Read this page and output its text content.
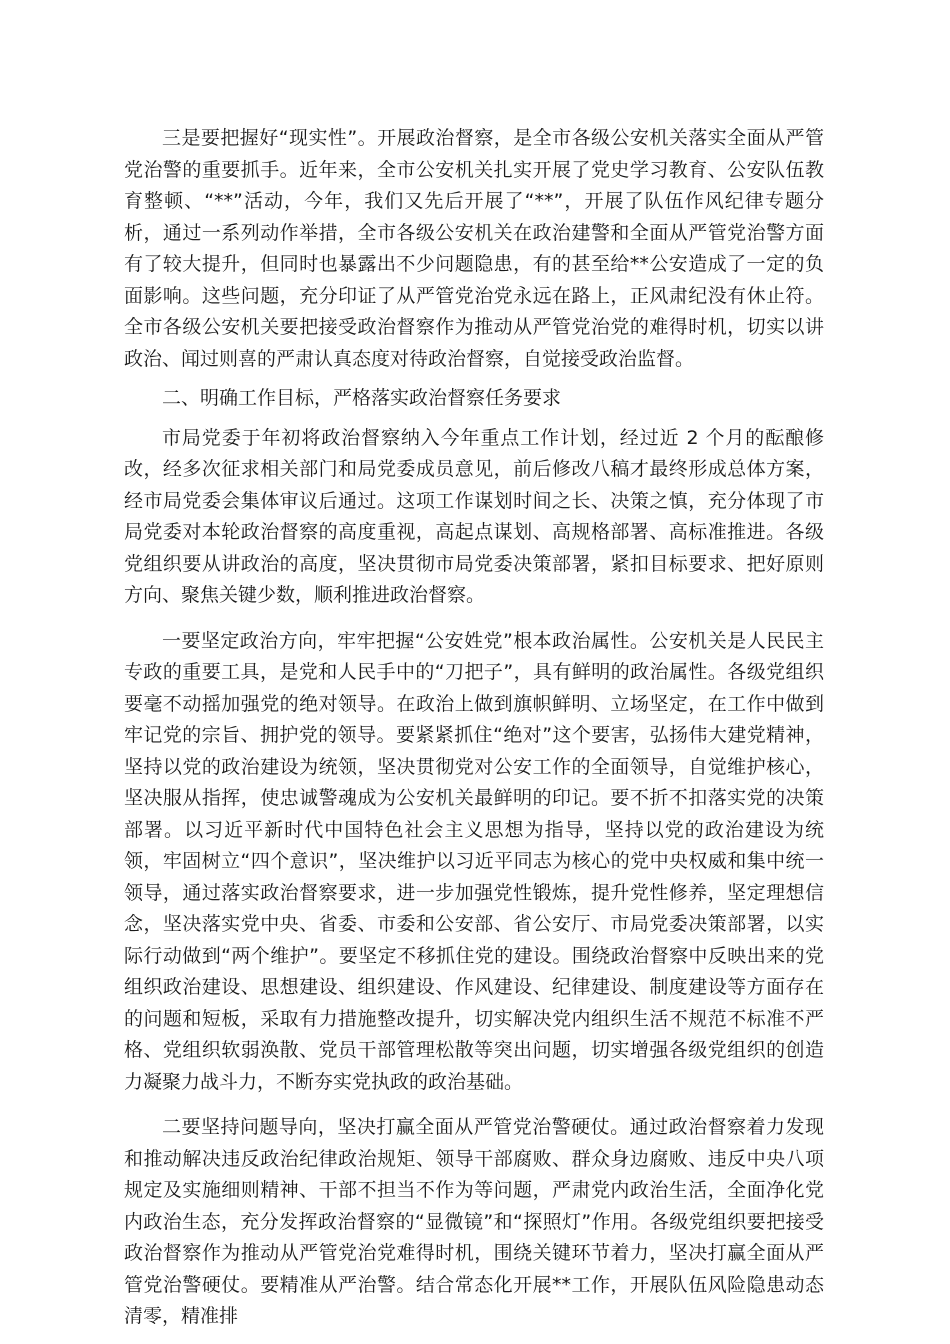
三是要把握好“现实性”。开展政治督察，是全市各级公安机关落实全面从严管党治警的重要抓手。近年来，全市公安机关扎实开展了党史学习教育、公安队伍教育整顿、“**”活动，今年，我们又先后开展了“**”，开展了队伍作风纪律专题分析，通过一系列动作举措，全市各级公安机关在政治建警和全面从严管党治警方面有了较大提升，但同时也暴露出不少问题隐患，有的甚至给**公安造成了一定的负面影响。这些问题，充分印证了从严管党治党永远在路上，正风肃纪没有休止符。全市各级公安机关要把接受政治督察作为推动从严管党治党的难得时机，切实以讲政治、闻过则喜的严肃认真态度对待政治督察，自觉接受政治监督。

二、明确工作目标，严格落实政治督察任务要求

市局党委于年初将政治督察纳入今年重点工作计划，经过近 2 个月的酝酿修改，经多次征求相关部门和局党委成员意见，前后修改八稿才最终形成总体方案，经市局党委会集体审议后通过。这项工作谋划时间之长、决策之慎，充分体现了市局党委对本轮政治督察的高度重视，高起点谋划、高规格部署、高标准推进。各级党组织要从讲政治的高度，坚决贯彻市局党委决策部署，紧扣目标要求、把好原则方向、聚焦关键少数，顺利推进政治督察。

一要坚定政治方向，牢牢把握“公安姓党”根本政治属性。公安机关是人民民主专政的重要工具，是党和人民手中的“刀把子”，具有鲜明的政治属性。各级党组织要毫不动摇加强党的绝对领导。在政治上做到旗帜鲜明、立场坚定，在工作中做到牢记党的宗旨、拥护党的领导。要紧紧抓住“绝对”这个要害，弘扬伟大建党精神，坚持以党的政治建设为统领，坚决贯彻党对公安工作的全面领导，自觉维护核心，坚决服从指挥，使忠诚警魂成为公安机关最鲜明的印记。要不折不扣落实党的决策部署。以习近平新时代中国特色社会主义思想为指导，坚持以党的政治建设为统领，牢固树立“四个意识”，坚决维护以习近平同志为核心的党中央权威和集中统一领导，通过落实政治督察要求，进一步加强党性锻炼，提升党性修养，坚定理想信念，坚决落实党中央、省委、市委和公安部、省公安厅、市局党委决策部署，以实际行动做到“两个维护”。要坚定不移抓住党的建设。围绕政治督察中反映出来的党组织政治建设、思想建设、组织建设、作风建设、纪律建设、制度建设等方面存在的问题和短板，采取有力措施整改提升，切实解决党内组织生活不规范不标准不严格、党组织软弱涣散、党员干部管理松散等突出问题，切实增强各级党组织的创造力凝聚力战斗力，不断夯实党执政的政治基础。

二要坚持问题导向，坚决打赢全面从严管党治警硬仗。通过政治督察着力发现和推动解决违反政治纪律政治规矩、领导干部腐败、群众身边腐败、违反中央八项规定及实施细则精神、干部不担当不作为等问题，严肃党内政治生活，全面净化党内政治生态，充分发挥政治督察的“显微镜”和“探照灯”作用。各级党组织要把接受政治督察作为推动从严管党治党难得时机，围绕关键环节着力，坚决打赢全面从严管党治警硬仗。要精准从严治警。结合常态化开展**工作，开展队伍风险隐患动态清零，精准排
